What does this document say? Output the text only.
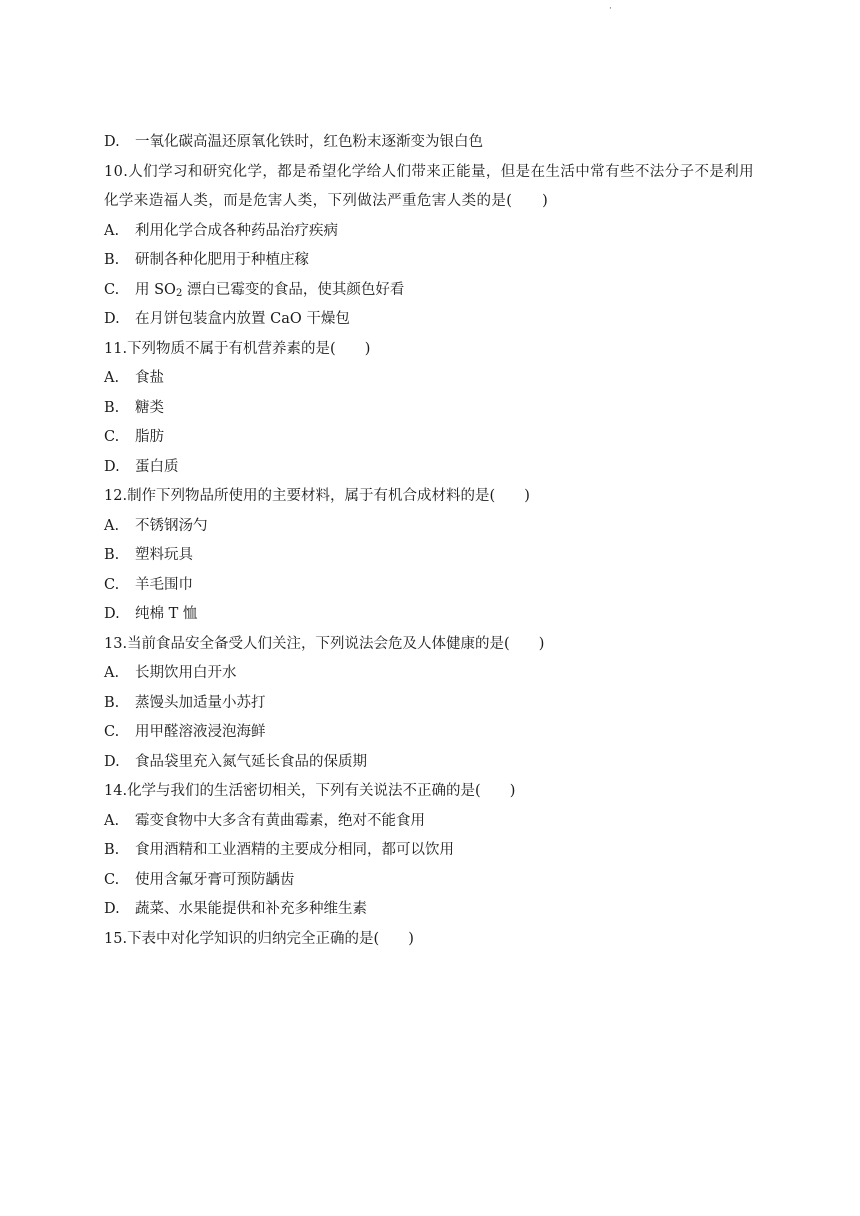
·
D. 一氧化碳高温还原氧化铁时，红色粉末逐渐变为银白色
10.人们学习和研究化学，都是希望化学给人们带来正能量，但是在生活中常有些不法分子不是利用化学来造福人类，而是危害人类，下列做法严重危害人类的是(　　)
A. 利用化学合成各种药品治疗疾病
B. 研制各种化肥用于种植庄稼
C. 用 $SO_2$ 漂白已霉变的食品，使其颜色好看
D. 在月饼包装盒内放置 CaO 干燥包
11.下列物质不属于有机营养素的是(　　)
A. 食盐
B. 糖类
C. 脂肪
D. 蛋白质
12.制作下列物品所使用的主要材料，属于有机合成材料的是(　　)
A. 不锈钢汤勺
B. 塑料玩具
C. 羊毛围巾
D. 纯棉 T 恤
13.当前食品安全备受人们关注，下列说法会危及人体健康的是(　　)
A. 长期饮用白开水
B. 蒸馒头加适量小苏打
C. 用甲醛溶液浸泡海鲜
D. 食品袋里充入氮气延长食品的保质期
14.化学与我们的生活密切相关，下列有关说法不正确的是(　　)
A. 霉变食物中大多含有黄曲霉素，绝对不能食用
B. 食用酒精和工业酒精的主要成分相同，都可以饮用
C. 使用含氟牙膏可预防龋齿
D. 蔬菜、水果能提供和补充多种维生素
15.下表中对化学知识的归纳完全正确的是(　　)
